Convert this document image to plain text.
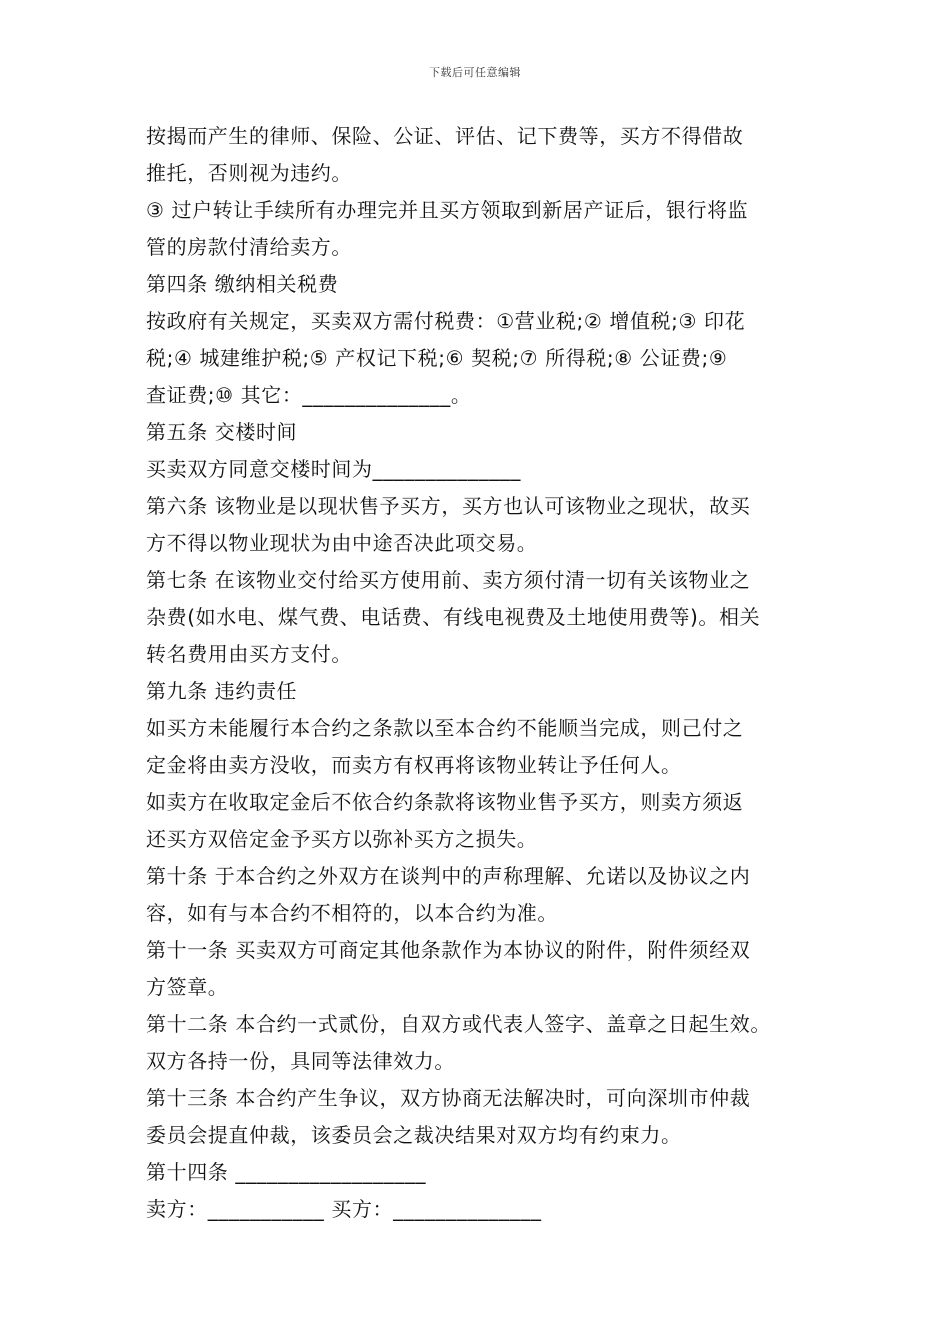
下载后可任意编辑
按揭而产生的律师、保险、公证、评估、记下费等，买方不得借故
推托，否则视为违约。
③ 过户转让手续所有办理完并且买方领取到新居产证后，银行将监
管的房款付清给卖方。
第四条 缴纳相关税费
按政府有关规定，买卖双方需付税费：①营业税;② 增值税;③ 印花
税;④ 城建维护税;⑤ 产权记下税;⑥ 契税;⑦ 所得税;⑧ 公证费;⑨
查证费;⑩ 其它：______________。
第五条 交楼时间
买卖双方同意交楼时间为______________
第六条 该物业是以现状售予买方，买方也认可该物业之现状，故买
方不得以物业现状为由中途否决此项交易。
第七条 在该物业交付给买方使用前、卖方须付清一切有关该物业之
杂费(如水电、煤气费、电话费、有线电视费及土地使用费等)。相关
转名费用由买方支付。
第九条 违约责任
如买方未能履行本合约之条款以至本合约不能顺当完成，则己付之
定金将由卖方没收，而卖方有权再将该物业转让予任何人。
如卖方在收取定金后不依合约条款将该物业售予买方，则卖方须返
还买方双倍定金予买方以弥补买方之损失。
第十条 于本合约之外双方在谈判中的声称理解、允诺以及协议之内
容，如有与本合约不相符的，以本合约为准。
第十一条 买卖双方可商定其他条款作为本协议的附件，附件须经双
方签章。
第十二条 本合约一式贰份，自双方或代表人签字、盖章之日起生效。
双方各持一份，具同等法律效力。
第十三条 本合约产生争议，双方协商无法解决时，可向深圳市仲裁
委员会提直仲裁，该委员会之裁决结果对双方均有约束力。
第十四条 __________________
卖方：___________ 买方：______________
